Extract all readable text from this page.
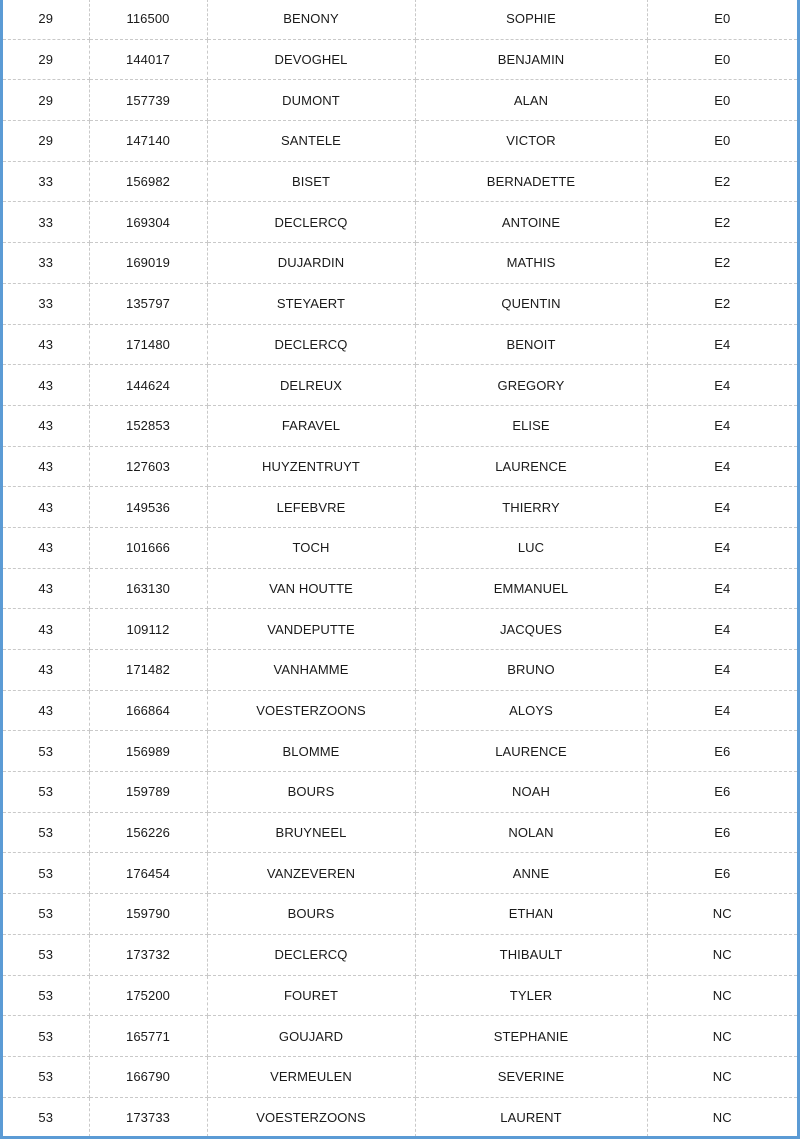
29	116500	BENONY	SOPHIE	E0
29	144017	DEVOGHEL	BENJAMIN	E0
29	157739	DUMONT	ALAN	E0
29	147140	SANTELE	VICTOR	E0
33	156982	BISET	BERNADETTE	E2
33	169304	DECLERCQ	ANTOINE	E2
33	169019	DUJARDIN	MATHIS	E2
33	135797	STEYAERT	QUENTIN	E2
43	171480	DECLERCQ	BENOIT	E4
43	144624	DELREUX	GREGORY	E4
43	152853	FARAVEL	ELISE	E4
43	127603	HUYZENTRUYT	LAURENCE	E4
43	149536	LEFEBVRE	THIERRY	E4
43	101666	TOCH	LUC	E4
43	163130	VAN HOUTTE	EMMANUEL	E4
43	109112	VANDEPUTTE	JACQUES	E4
43	171482	VANHAMME	BRUNO	E4
43	166864	VOESTERZOONS	ALOYS	E4
53	156989	BLOMME	LAURENCE	E6
53	159789	BOURS	NOAH	E6
53	156226	BRUYNEEL	NOLAN	E6
53	176454	VANZEVEREN	ANNE	E6
53	159790	BOURS	ETHAN	NC
53	173732	DECLERCQ	THIBAULT	NC
53	175200	FOURET	TYLER	NC
53	165771	GOUJARD	STEPHANIE	NC
53	166790	VERMEULEN	SEVERINE	NC
53	173733	VOESTERZOONS	LAURENT	NC
